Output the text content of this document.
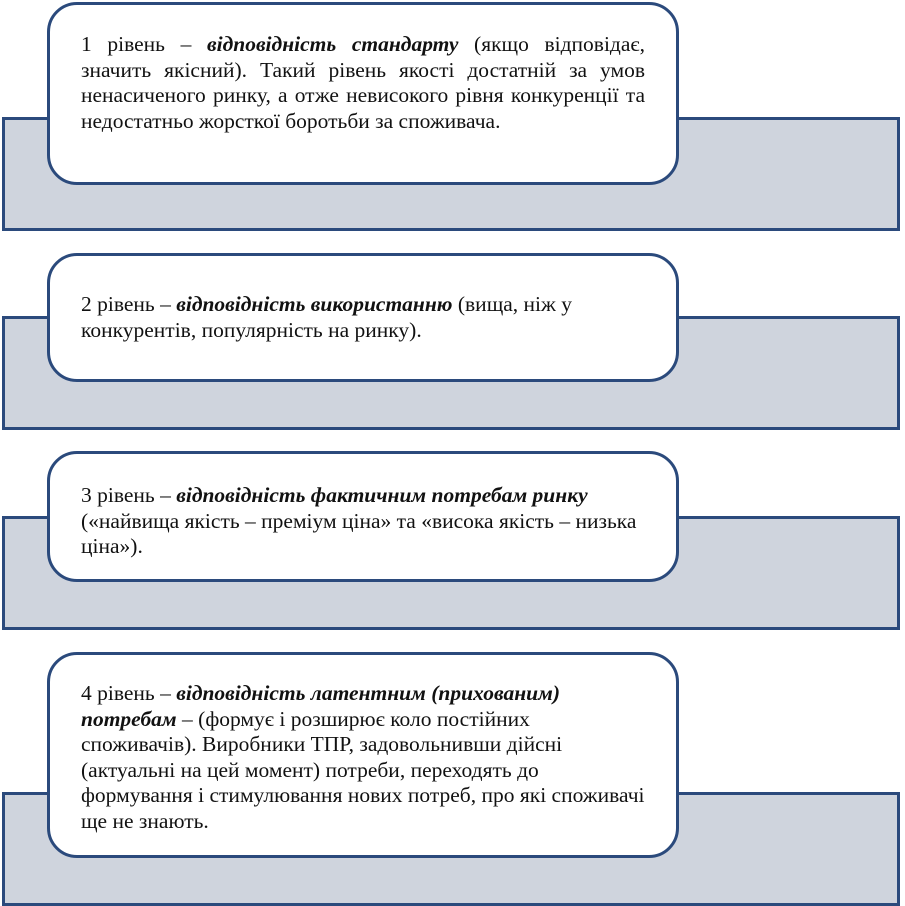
1 рівень – відповідність стандарту (якщо відповідає, значить якісний). Такий рівень якості достатній за умов ненасиченого ринку, а отже невисокого рівня конкуренції та недостатньо жорсткої боротьби за споживача.
2 рівень – відповідність використанню (вища, ніж у конкурентів, популярність на ринку).
3 рівень – відповідність фактичним потребам ринку («найвища якість – преміум ціна» та «висока якість – низька ціна»).
4 рівень – відповідність латентним (прихованим) потребам – (формує і розширює коло постійних споживачів). Виробники ТПР, задовольнивши дійсні (актуальні на цей момент) потреби, переходять до формування і стимулювання нових потреб, про які споживачі ще не знають.
